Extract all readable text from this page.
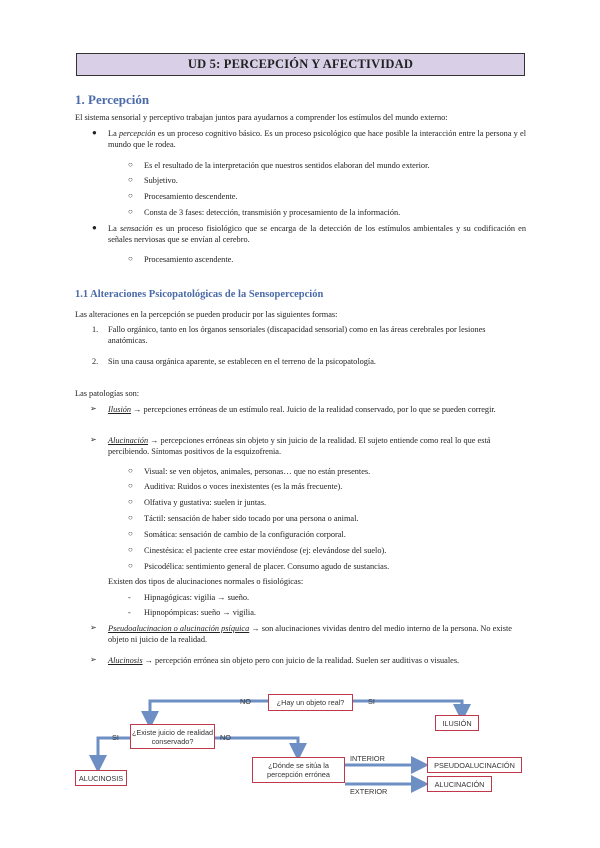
UD 5: PERCEPCIÓN Y AFECTIVIDAD
1. Percepción
El sistema sensorial y perceptivo trabajan juntos para ayudarnos a comprender los estímulos del mundo externo:
● La percepción es un proceso cognitivo básico. Es un proceso psicológico que hace posible la interacción entre la persona y el mundo que le rodea.
○ Es el resultado de la interpretación que nuestros sentidos elaboran del mundo exterior.
○ Subjetivo.
○ Procesamiento descendente.
○ Consta de 3 fases: detección, transmisión y procesamiento de la información.
● La sensación es un proceso fisiológico que se encarga de la detección de los estímulos ambientales y su codificación en señales nerviosas que se envían al cerebro.
○ Procesamiento ascendente.
1.1 Alteraciones Psicopatológicas de la Sensopercepción
Las alteraciones en la percepción se pueden producir por las siguientes formas:
1. Fallo orgánico, tanto en los órganos sensoriales (discapacidad sensorial) como en las áreas cerebrales por lesiones anatómicas.
2. Sin una causa orgánica aparente, se establecen en el terreno de la psicopatología.
Las patologías son:
➢ Ilusión → percepciones erróneas de un estímulo real. Juicio de la realidad conservado, por lo que se pueden corregir.
➢ Alucinación → percepciones erróneas sin objeto y sin juicio de la realidad. El sujeto entiende como real lo que está percibiendo. Síntomas positivos de la esquizofrenia.
○ Visual: se ven objetos, animales, personas… que no están presentes.
○ Auditiva: Ruidos o voces inexistentes (es la más frecuente).
○ Olfativa y gustativa: suelen ir juntas.
○ Táctil: sensación de haber sido tocado por una persona o animal.
○ Somática: sensación de cambio de la configuración corporal.
○ Cinestésica: el paciente cree estar moviéndose (ej: elevándose del suelo).
○ Psicodélica: sentimiento general de placer. Consumo agudo de sustancias.
Existen dos tipos de alucinaciones normales o fisiológicas:
- Hipnagógicas: vigilia → sueño.
- Hipnopómpicas: sueño → vigilia.
➢ Pseudoalucinacion o alucinación psíquica → son alucinaciones vividas dentro del medio interno de la persona. No existe objeto ni juicio de la realidad.
➢ Alucinosis → percepción errónea sin objeto pero con juicio de la realidad. Suelen ser auditivas o visuales.
¿Hay un objeto real?
NO	SI
ILUSIÓN
¿Existe juicio de realidad conservado?
SI	NO
ALUCINOSIS
¿Dónde se sitúa la percepción errónea
INTERIOR
EXTERIOR
PSEUDOALUCINACIÓN
ALUCINACIÓN
